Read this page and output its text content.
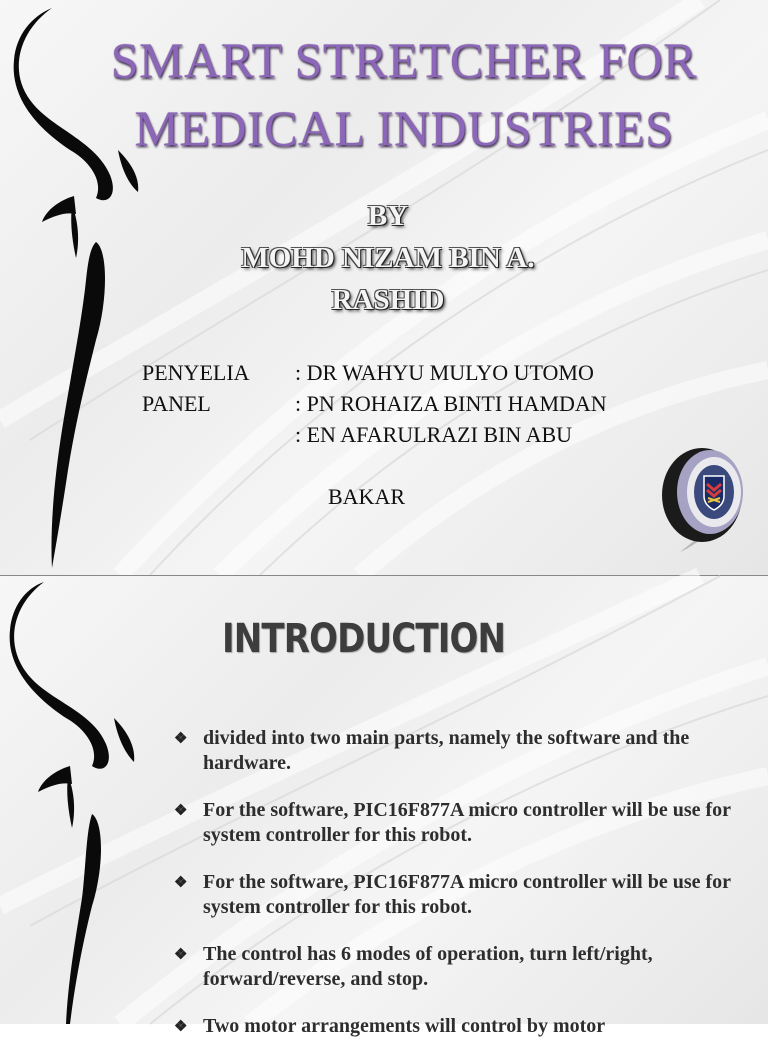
SMART STRETCHER FOR
MEDICAL INDUSTRIES
BY
MOHD NIZAM BIN A.
RASHID
PENYELIA : DR WAHYU MULYO UTOMO
PANEL	: PN ROHAIZA BINTI HAMDAN
: EN AFARULRAZI BIN ABU

BAKAR

INTRODUCTION
❖ divided into two main parts, namely the software and the hardware.
❖ For the software, PIC16F877A micro controller will be use for system controller for this robot.
❖ For the software, PIC16F877A micro controller will be use for system controller for this robot.
❖ The control has 6 modes of operation, turn left/right, forward/reverse, and stop.
❖ Two motor arrangements will control by motor
